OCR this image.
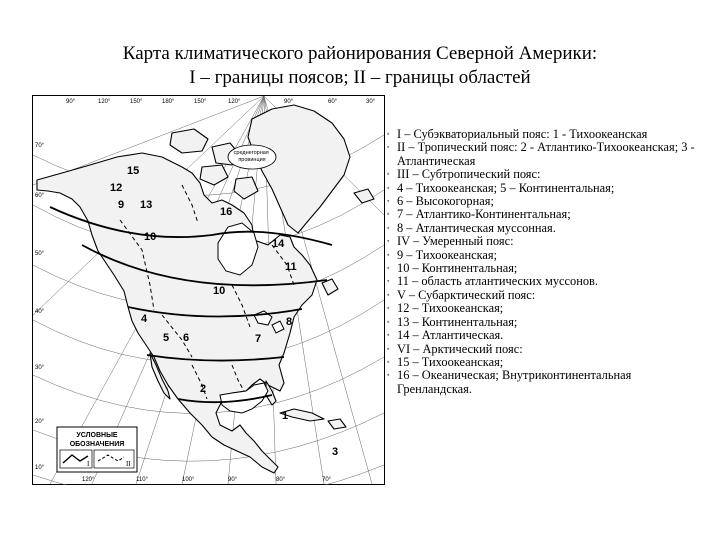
Карта климатического районирования Северной Америки:
I – границы поясов; II – границы областей
среднегорная провинция
90°	120°	150°	180°	150°	120°	90°	60°	30°
70°
60°
50°
40°
30°
20°
10°
120°	110°	100°	90°	80°	70°
15
12
9 13
16
10
14
11
10
4
5 6
8
7
2
1
3
УСЛОВНЫЕ
ОБОЗНАЧЕНИЯ
I	II
▪ I – Субэкваториальный пояс: 1 - Тихоокеанская
▪ II – Тропический пояс: 2 - Атлантико-Тихоокеанская; 3 - Атлантическая
▪ III – Субтропический пояс:
▪ 4 – Тихоокеанская; 5 – Континентальная;
▪ 6 – Высокогорная;
▪ 7 – Атлантико-Континентальная;
▪ 8 – Атлантическая муссонная.
▪ IV – Умеренный пояс:
▪ 9 – Тихоокеанская;
▪ 10 – Континентальная;
▪ 11 – область атлантических муссонов.
▪ V – Субарктический пояс:
▪ 12 – Тихоокеанская;
▪ 13 – Континентальная;
▪ 14 – Атлантическая.
▪ VI – Арктический пояс:
▪ 15 – Тихоокеанская;
▪ 16 – Океаническая; Внутриконтинентальная Гренландская.
